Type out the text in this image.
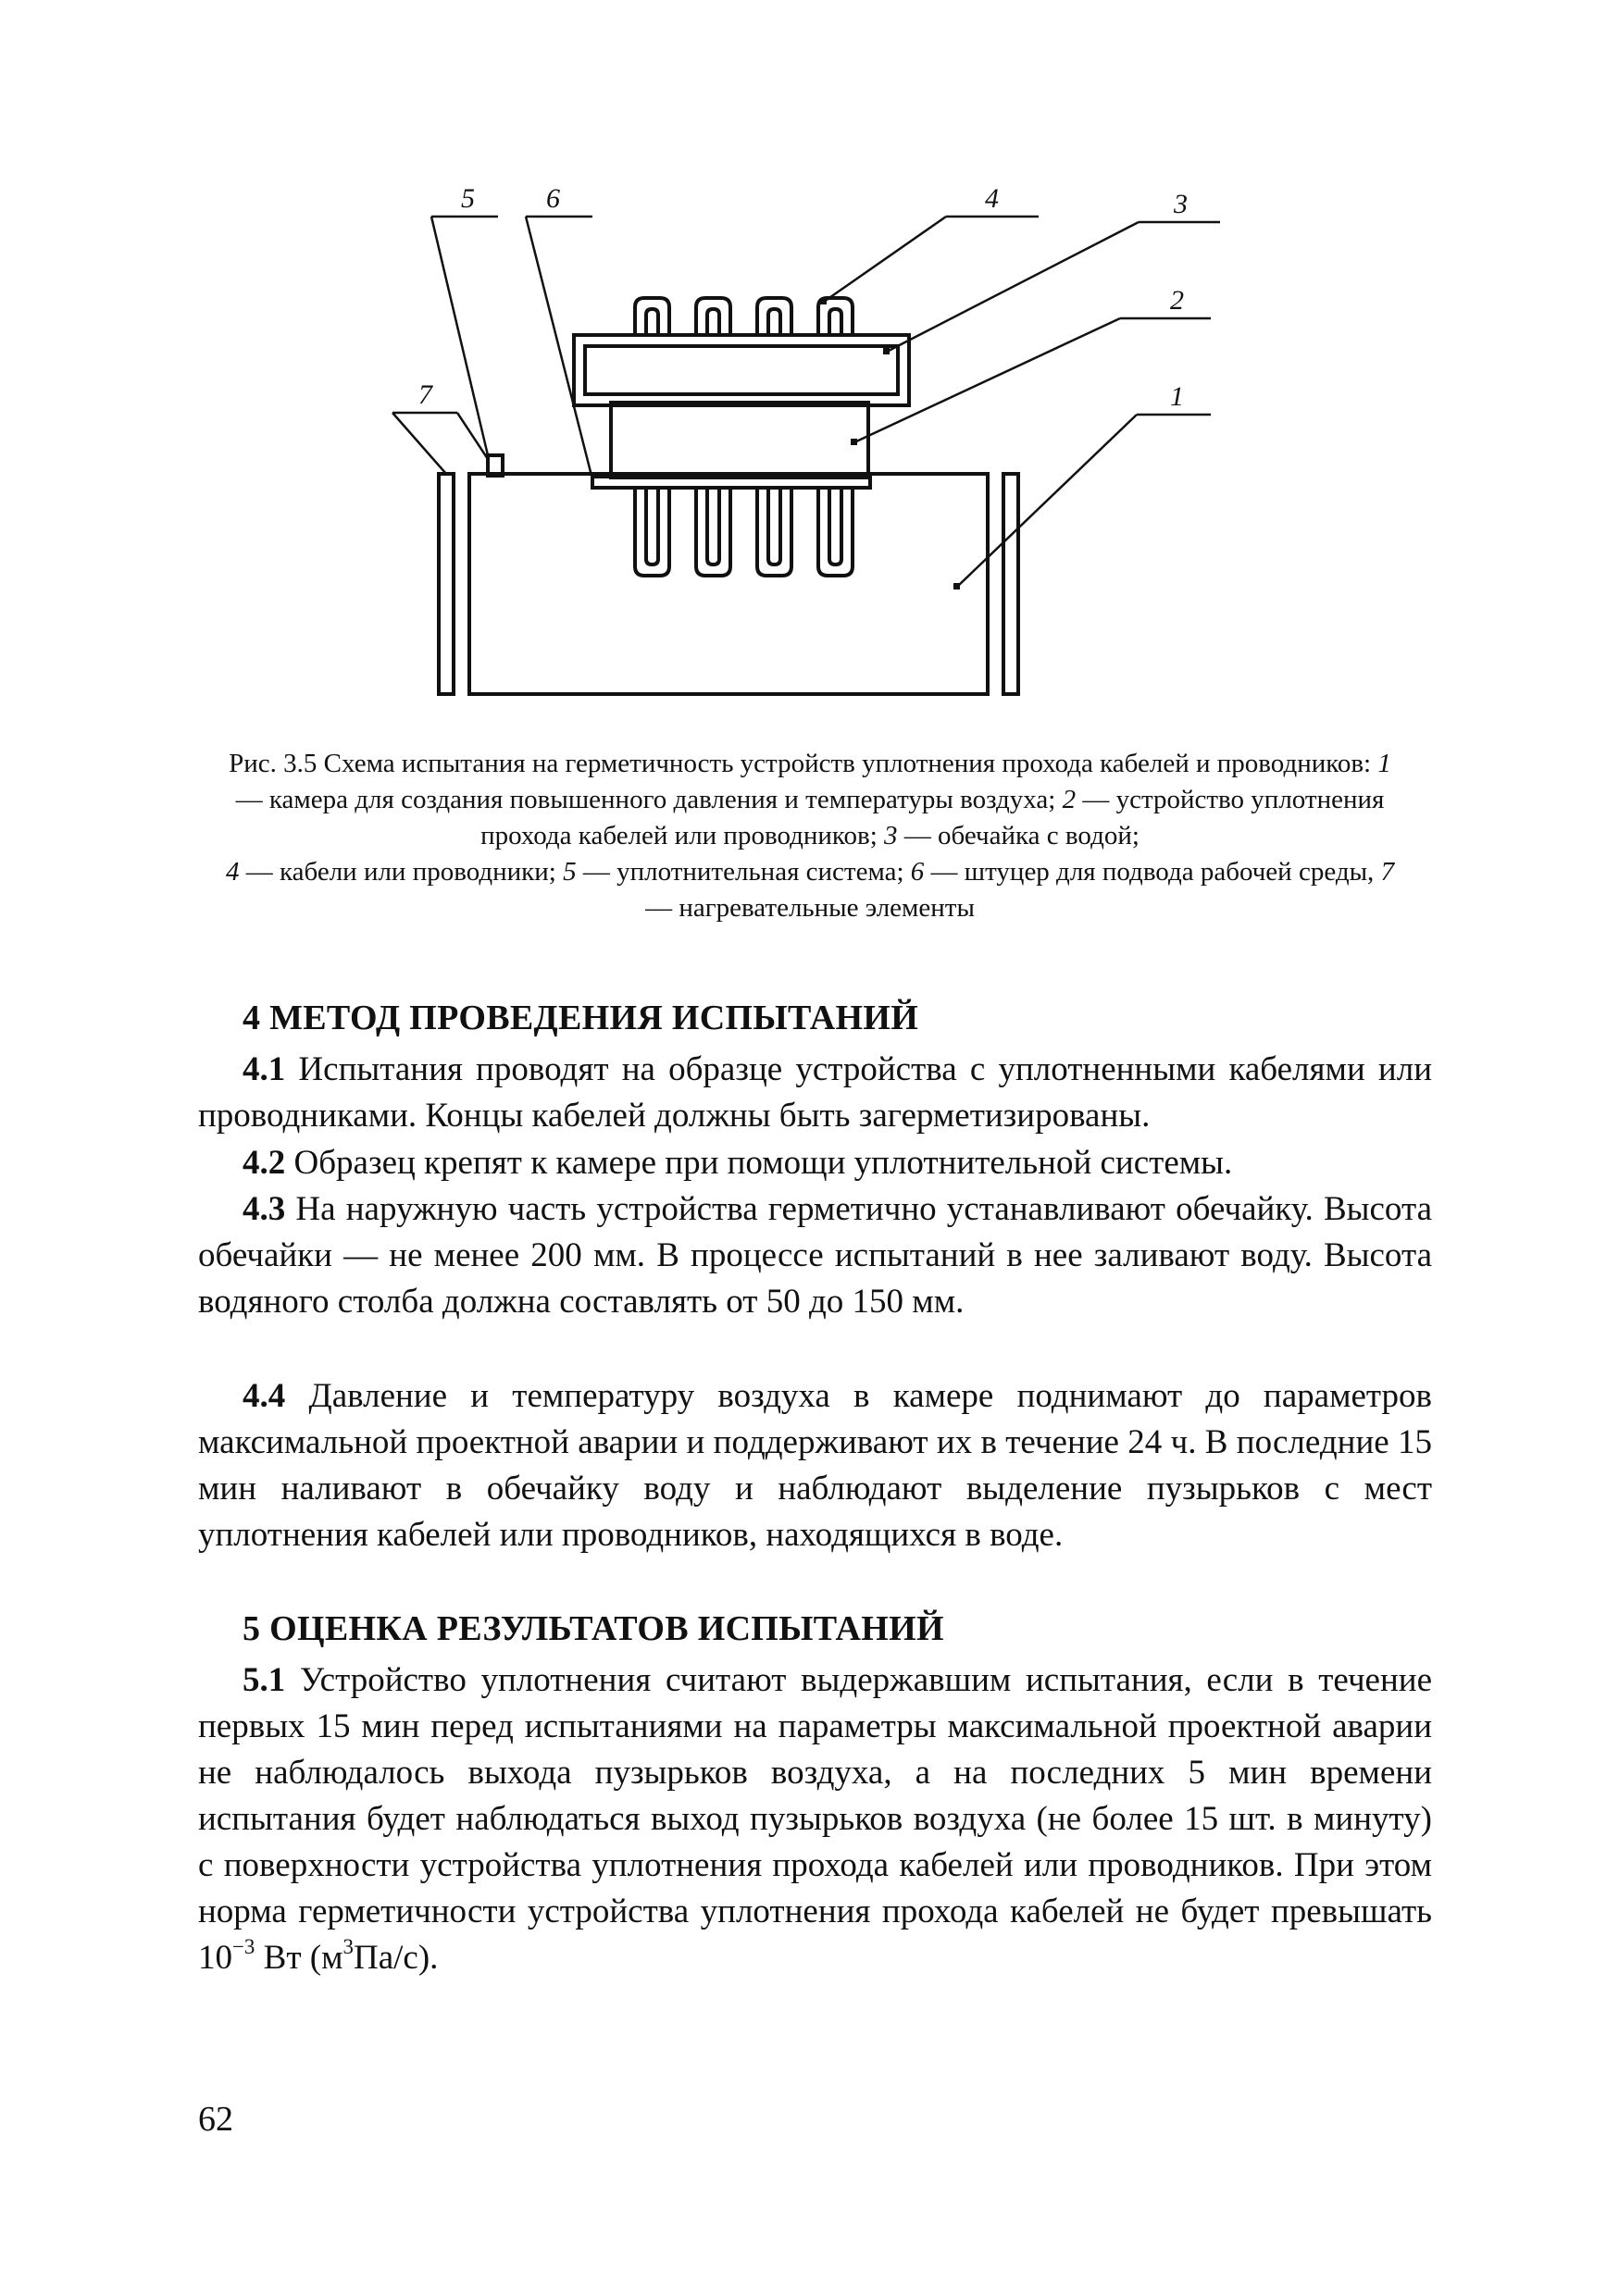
5	6	4	3
2
1
7
Рис. 3.5 Схема испытания на герметичность устройств уплотнения прохода кабелей и проводников: 1 — камера для создания повышенного давления и температуры воздуха; 2 — устройство уплотнения прохода кабелей или проводников; 3 — обечайка с водой;
4 — кабели или проводники; 5 — уплотнительная система; 6 — штуцер для подвода рабочей среды, 7 — нагревательные элементы
4 МЕТОД ПРОВЕДЕНИЯ ИСПЫТАНИЙ
4.1 Испытания проводят на образце устройства с уплотненными кабелями или проводниками. Концы кабелей должны быть загерметизированы.
4.2 Образец крепят к камере при помощи уплотнительной системы.
4.3 На наружную часть устройства герметично устанавливают обечайку. Высота обечайки — не менее 200 мм. В процессе испытаний в нее заливают воду. Высота водяного столба должна составлять от 50 до 150 мм.
4.4 Давление и температуру воздуха в камере поднимают до параметров максимальной проектной аварии и поддерживают их в течение 24 ч. В последние 15 мин наливают в обечайку воду и наблюдают выделение пузырьков с мест уплотнения кабелей или проводников, находящихся в воде.
5 ОЦЕНКА РЕЗУЛЬТАТОВ ИСПЫТАНИЙ
5.1 Устройство уплотнения считают выдержавшим испытания, если в течение первых 15 мин перед испытаниями на параметры максимальной проектной аварии не наблюдалось выхода пузырьков воздуха, а на последних 5 мин времени испытания будет наблюдаться выход пузырьков воздуха (не более 15 шт. в минуту) с поверхности устройства уплотнения прохода кабелей или проводников. При этом норма герметичности устройства уплотнения прохода кабелей не будет превышать $10^{-3}$ Вт $(м^3Па/с)$.
62
